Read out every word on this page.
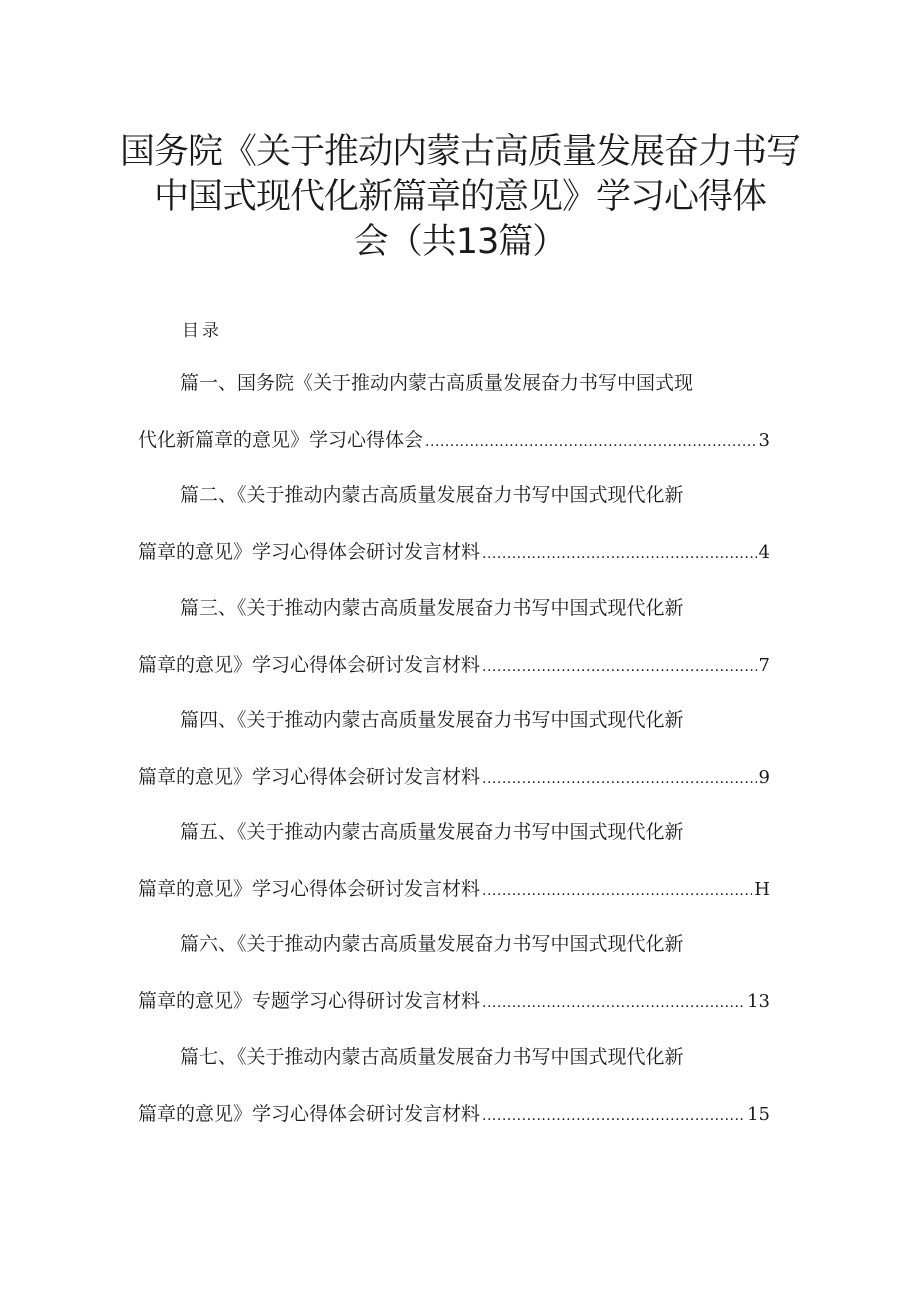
国务院《关于推动内蒙古高质量发展奋力书写
中国式现代化新篇章的意见》学习心得体
会（共13篇）
目录
篇一、国务院《关于推动内蒙古高质量发展奋力书写中国式现
代化新篇章的意见》学习心得体会 .....	3
篇二、《关于推动内蒙古高质量发展奋力书写中国式现代化新
篇章的意见》学习心得体会研讨发言材料 .....	4
篇三、《关于推动内蒙古高质量发展奋力书写中国式现代化新
篇章的意见》学习心得体会研讨发言材料 .....	7
篇四、《关于推动内蒙古高质量发展奋力书写中国式现代化新
篇章的意见》学习心得体会研讨发言材料 .....	9
篇五、《关于推动内蒙古高质量发展奋力书写中国式现代化新
篇章的意见》学习心得体会研讨发言材料 .....	H
篇六、《关于推动内蒙古高质量发展奋力书写中国式现代化新
篇章的意见》专题学习心得研讨发言材料 .....	13
篇七、《关于推动内蒙古高质量发展奋力书写中国式现代化新
篇章的意见》学习心得体会研讨发言材料 .....	15
